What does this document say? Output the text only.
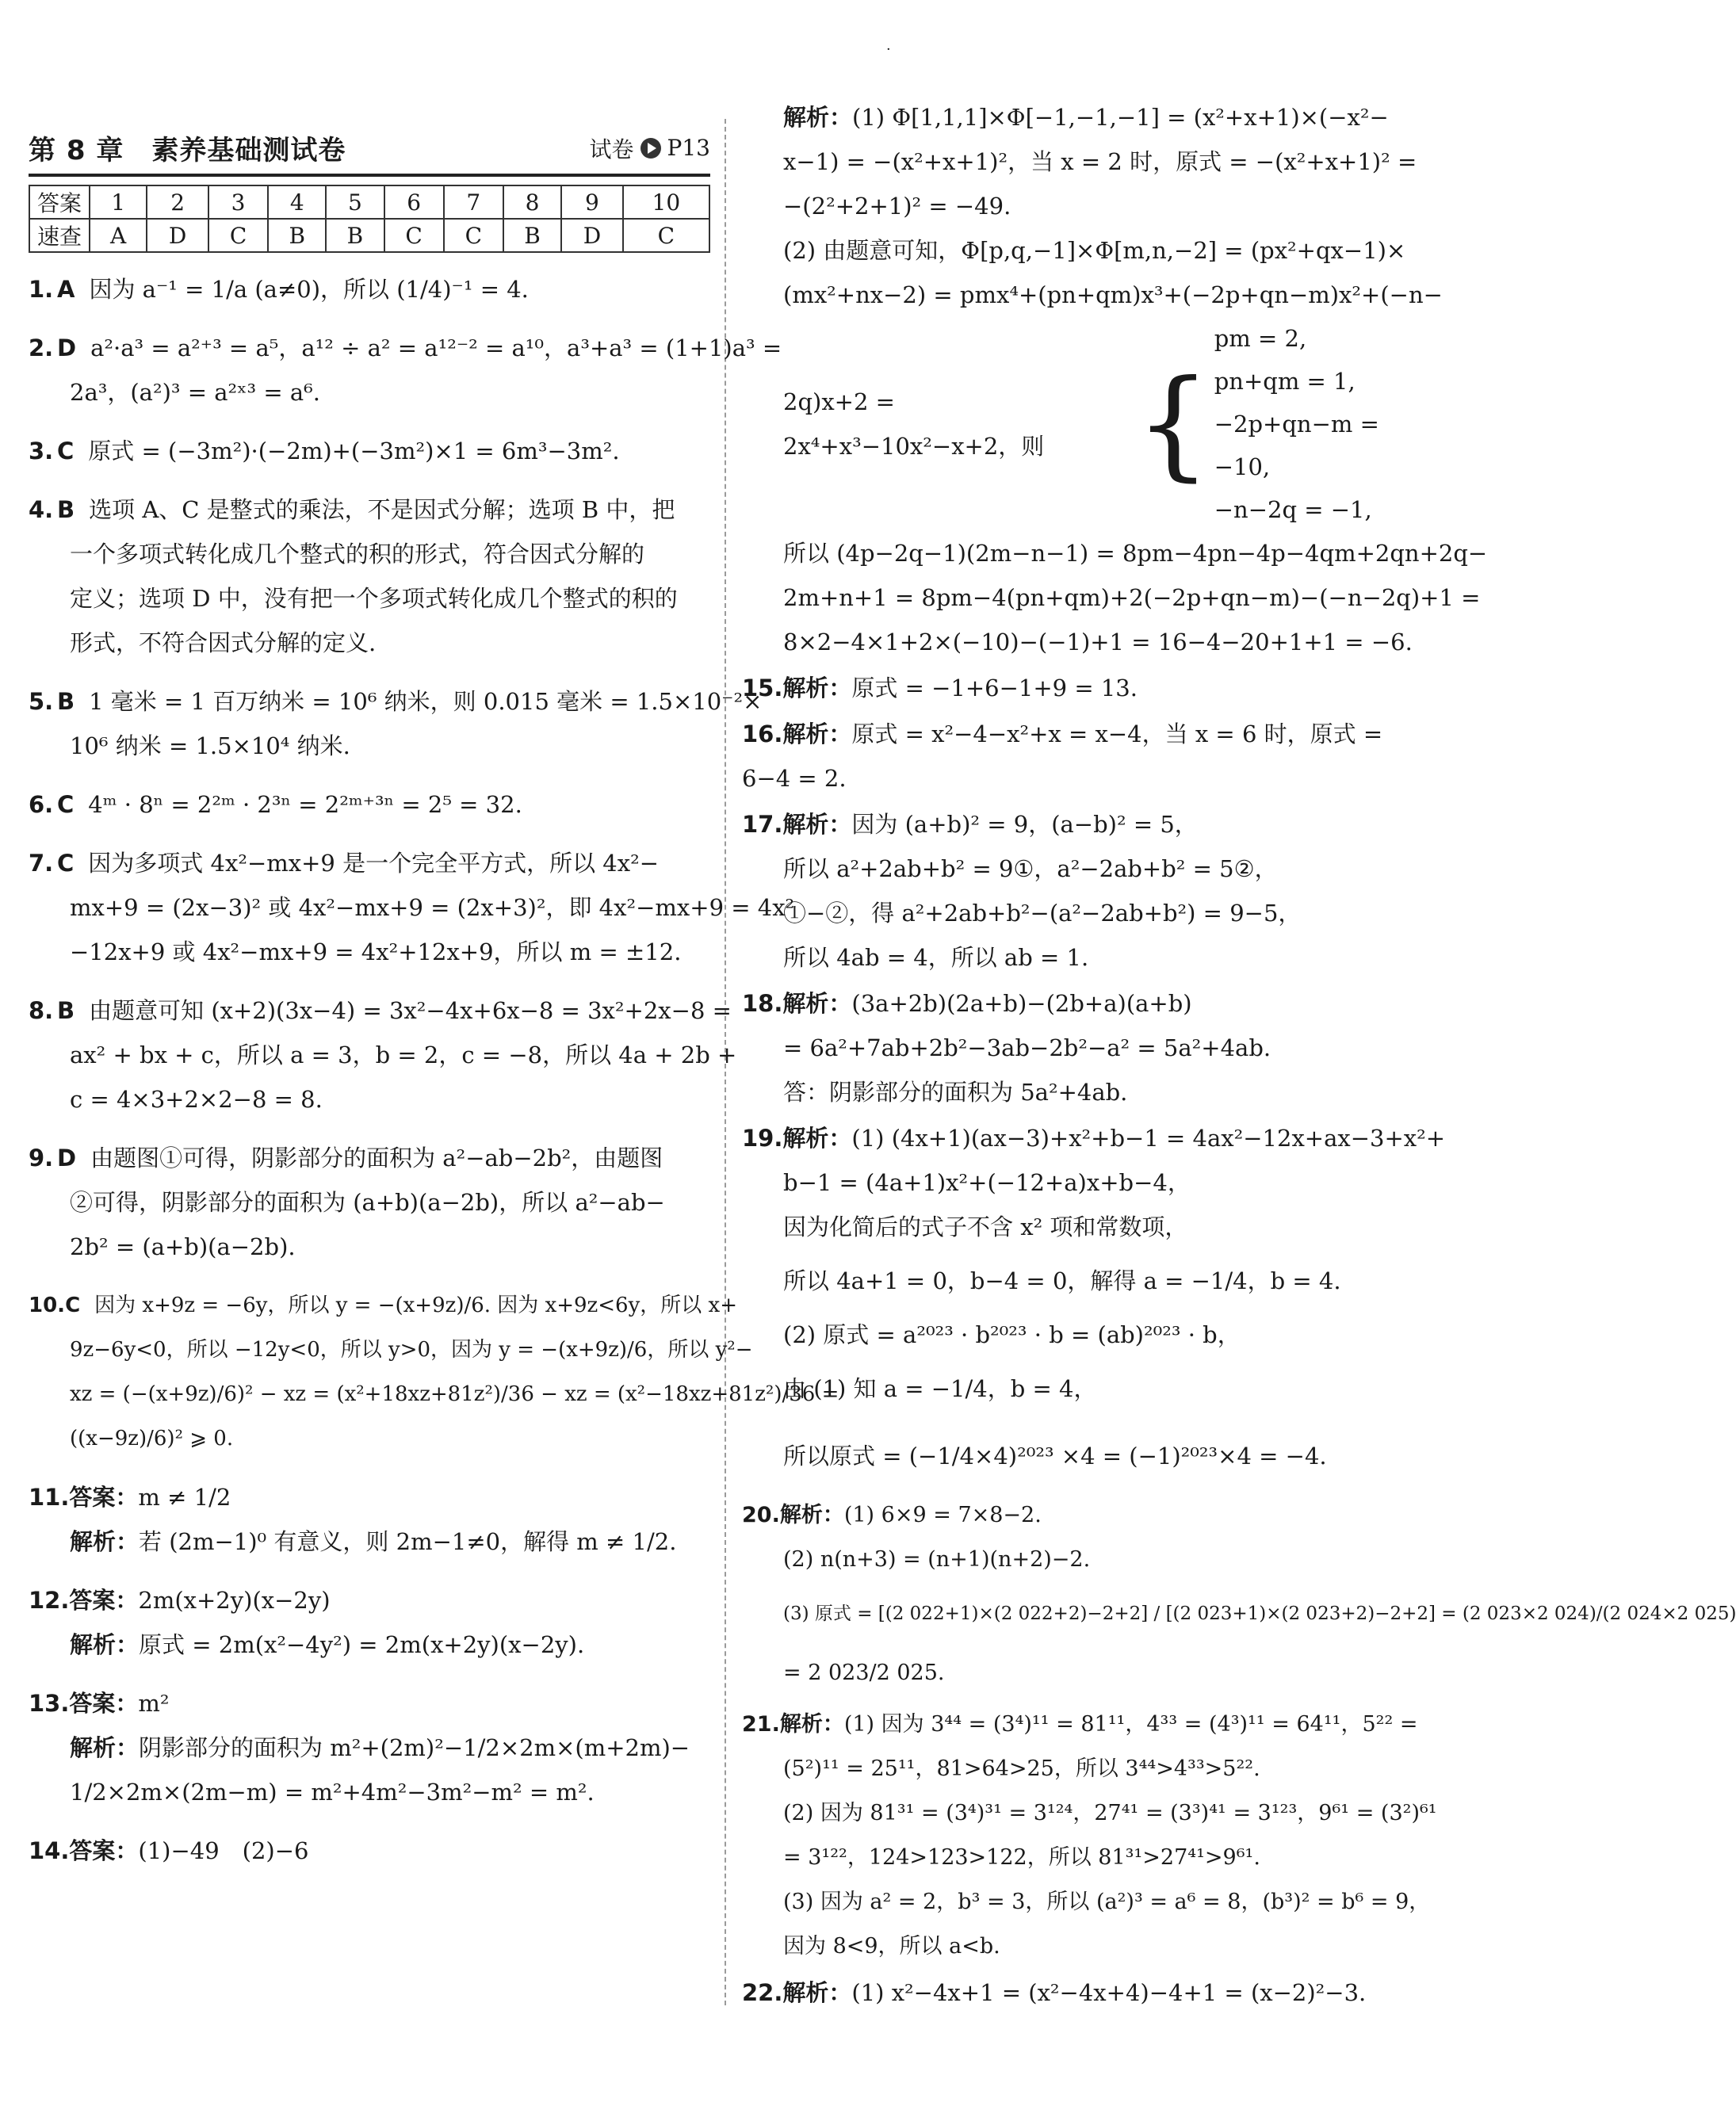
·
第 8 章　素养基础测试卷	试卷 P13
答案	1	2	3	4	5	6	7	8	9	10
速查	A	D	C	B	B	C	C	B	D	C
1. A 因为 a⁻¹ = 1/a (a≠0)，所以 (1/4)⁻¹ = 4.
2. D a²·a³ = a²⁺³ = a⁵，a¹² ÷ a² = a¹²⁻² = a¹⁰，a³+a³ = (1+1)a³ =
2a³，(a²)³ = a²ˣ³ = a⁶.
3. C 原式 = (−3m²)·(−2m)+(−3m²)×1 = 6m³−3m².
4. B 选项 A、C 是整式的乘法，不是因式分解；选项 B 中，把
一个多项式转化成几个整式的积的形式，符合因式分解的
定义；选项 D 中，没有把一个多项式转化成几个整式的积的
形式，不符合因式分解的定义.
5. B 1 毫米 = 1 百万纳米 = 10⁶ 纳米，则 0.015 毫米 = 1.5×10⁻²×
10⁶ 纳米 = 1.5×10⁴ 纳米.
6. C 4ᵐ · 8ⁿ = 2²ᵐ · 2³ⁿ = 2²ᵐ⁺³ⁿ = 2⁵ = 32.
7. C 因为多项式 4x²−mx+9 是一个完全平方式，所以 4x²−
mx+9 = (2x−3)² 或 4x²−mx+9 = (2x+3)²，即 4x²−mx+9 = 4x²
−12x+9 或 4x²−mx+9 = 4x²+12x+9，所以 m = ±12.
8. B 由题意可知 (x+2)(3x−4) = 3x²−4x+6x−8 = 3x²+2x−8 =
ax² + bx + c，所以 a = 3，b = 2，c = −8，所以 4a + 2b +
c = 4×3+2×2−8 = 8.
9. D 由题图①可得，阴影部分的面积为 a²−ab−2b²，由题图
②可得，阴影部分的面积为 (a+b)(a−2b)，所以 a²−ab−
2b² = (a+b)(a−2b).
10.C 因为 x+9z = −6y，所以 y = −(x+9z)/6. 因为 x+9z<6y，所以 x+
9z−6y<0，所以 −12y<0，所以 y>0，因为 y = −(x+9z)/6，所以 y²−
xz = (−(x+9z)/6)² − xz = (x²+18xz+81z²)/36 − xz = (x²−18xz+81z²)/36 =
((x−9z)/6)² ⩾ 0.
11.答案：m ≠ 1/2
解析：若 (2m−1)⁰ 有意义，则 2m−1≠0，解得 m ≠ 1/2.
12.答案：2m(x+2y)(x−2y)
解析：原式 = 2m(x²−4y²) = 2m(x+2y)(x−2y).
13.答案：m²
解析：阴影部分的面积为 m²+(2m)²−1/2×2m×(m+2m)−
1/2×2m×(2m−m) = m²+4m²−3m²−m² = m².
14.答案：(1)−49　(2)−6
解析：(1) Φ[1,1,1]×Φ[−1,−1,−1] = (x²+x+1)×(−x²−
x−1) = −(x²+x+1)²，当 x = 2 时，原式 = −(x²+x+1)² =
−(2²+2+1)² = −49.
(2) 由题意可知，Φ[p,q,−1]×Φ[m,n,−2] = (px²+qx−1)×
(mx²+nx−2) = pmx⁴+(pn+qm)x³+(−2p+qn−m)x²+(−n−
2q)x+2 = 2x⁴+x³−10x²−x+2，则 {
pm = 2,
pn+qm = 1,
−2p+qn−m = −10,
−n−2q = −1,
所以 (4p−2q−1)(2m−n−1) = 8pm−4pn−4p−4qm+2qn+2q−
2m+n+1 = 8pm−4(pn+qm)+2(−2p+qn−m)−(−n−2q)+1 =
8×2−4×1+2×(−10)−(−1)+1 = 16−4−20+1+1 = −6.
15.解析：原式 = −1+6−1+9 = 13.
16.解析：原式 = x²−4−x²+x = x−4，当 x = 6 时，原式 = 6−4 = 2.
17.解析：因为 (a+b)² = 9，(a−b)² = 5，
所以 a²+2ab+b² = 9①，a²−2ab+b² = 5②，
①−②，得 a²+2ab+b²−(a²−2ab+b²) = 9−5，
所以 4ab = 4，所以 ab = 1.
18.解析：(3a+2b)(2a+b)−(2b+a)(a+b)
= 6a²+7ab+2b²−3ab−2b²−a² = 5a²+4ab.
答：阴影部分的面积为 5a²+4ab.
19.解析：(1) (4x+1)(ax−3)+x²+b−1 = 4ax²−12x+ax−3+x²+
b−1 = (4a+1)x²+(−12+a)x+b−4，
因为化简后的式子不含 x² 项和常数项，
所以 4a+1 = 0，b−4 = 0，解得 a = −1/4，b = 4.
(2) 原式 = a²⁰²³ · b²⁰²³ · b = (ab)²⁰²³ · b，
由 (1) 知 a = −1/4，b = 4，
所以原式 = (−1/4×4)²⁰²³ ×4 = (−1)²⁰²³×4 = −4.
20.解析：(1) 6×9 = 7×8−2.
(2) n(n+3) = (n+1)(n+2)−2.
(3) 原式 = [(2 022+1)×(2 022+2)−2+2] / [(2 023+1)×(2 023+2)−2+2] = (2 023×2 024)/(2 024×2 025)
= 2 023/2 025.
21.解析：(1) 因为 3⁴⁴ = (3⁴)¹¹ = 81¹¹，4³³ = (4³)¹¹ = 64¹¹，5²² =
(5²)¹¹ = 25¹¹，81>64>25，所以 3⁴⁴>4³³>5²².
(2) 因为 81³¹ = (3⁴)³¹ = 3¹²⁴，27⁴¹ = (3³)⁴¹ = 3¹²³，9⁶¹ = (3²)⁶¹
= 3¹²²，124>123>122，所以 81³¹>27⁴¹>9⁶¹.
(3) 因为 a² = 2，b³ = 3，所以 (a²)³ = a⁶ = 8，(b³)² = b⁶ = 9，
因为 8<9，所以 a<b.
22.解析：(1) x²−4x+1 = (x²−4x+4)−4+1 = (x−2)²−3.
